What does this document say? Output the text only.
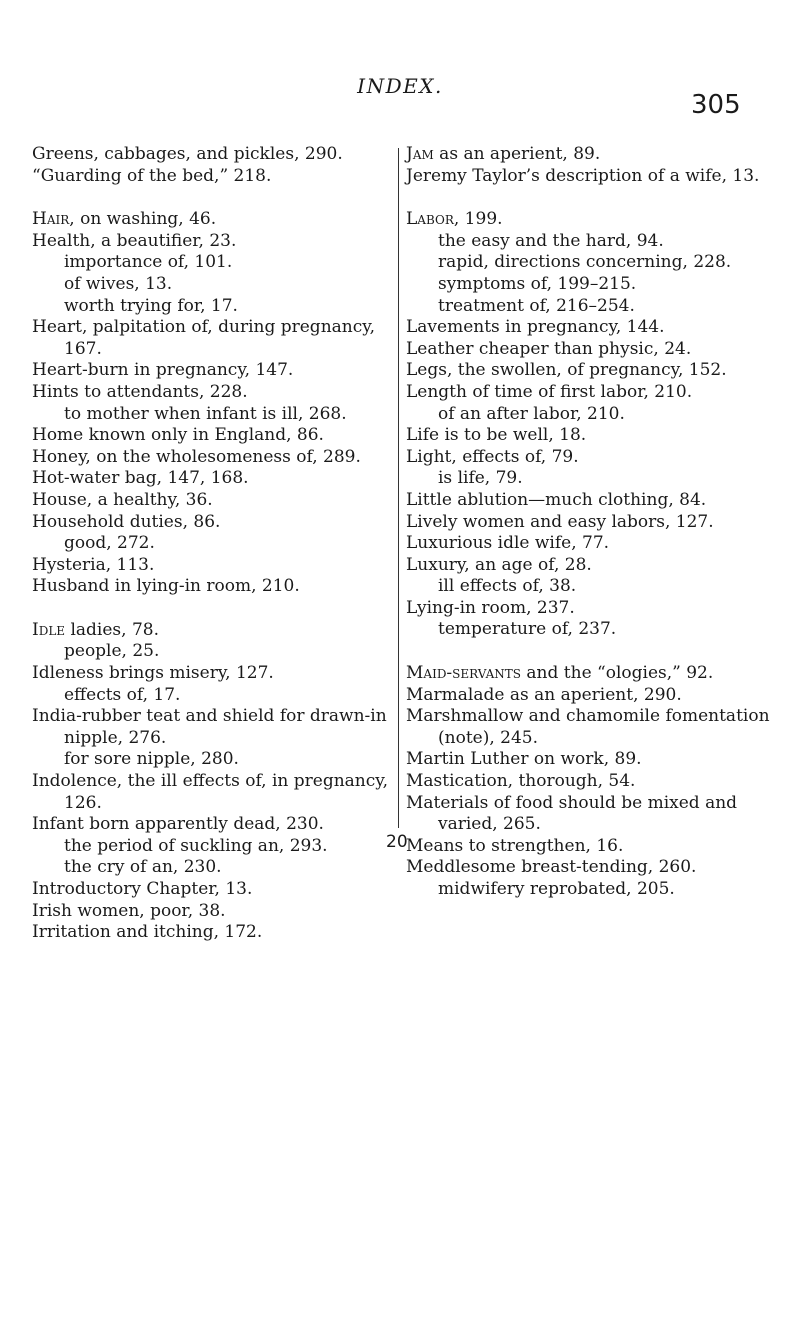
INDEX.
305

Greens, cabbages, and pickles, 290.

“Guarding of the bed,” 218.

Hair, on washing, 46.

Health, a beautifier, 23.

importance of, 101.

of wives, 13.

worth trying for, 17.

Heart, palpitation of, during pregnancy, 167.

Heart-burn in pregnancy, 147.

Hints to attendants, 228.

to mother when infant is ill, 268.

Home known only in England, 86.

Honey, on the wholesomeness of, 289.

Hot-water bag, 147, 168.

House, a healthy, 36.

Household duties, 86.

good, 272.

Hysteria, 113.

Husband in lying-in room, 210.

Idle ladies, 78.

people, 25.

Idleness brings misery, 127.

effects of, 17.

India-rubber teat and shield for drawn-in nipple, 276.

for sore nipple, 280.

Indolence, the ill effects of, in pregnancy, 126.

Infant born apparently dead, 230.

the period of suckling an, 293.

the cry of an, 230.

Introductory Chapter, 13.

Irish women, poor, 38.

Irritation and itching, 172.

Jam as an aperient, 89.

Jeremy Taylor’s description of a wife, 13.

Labor, 199.

the easy and the hard, 94.

rapid, directions concerning, 228.

symptoms of, 199–215.

treatment of, 216–254.

Lavements in pregnancy, 144.

Leather cheaper than physic, 24.

Legs, the swollen, of pregnancy, 152.

Length of time of first labor, 210.

of an after labor, 210.

Life is to be well, 18.

Light, effects of, 79.

is life, 79.

Little ablution—much clothing, 84.

Lively women and easy labors, 127.

Luxurious idle wife, 77.

Luxury, an age of, 28.

ill effects of, 38.

Lying-in room, 237.

temperature of, 237.

Maid-servants and the “ologies,” 92.

Marmalade as an aperient, 290.

Marshmallow and chamomile fomentation (note), 245.

Martin Luther on work, 89.

Mastication, thorough, 54.

Materials of food should be mixed and varied, 265.

Means to strengthen, 16.

Meddlesome breast-tending, 260.

midwifery reprobated, 205.

20
